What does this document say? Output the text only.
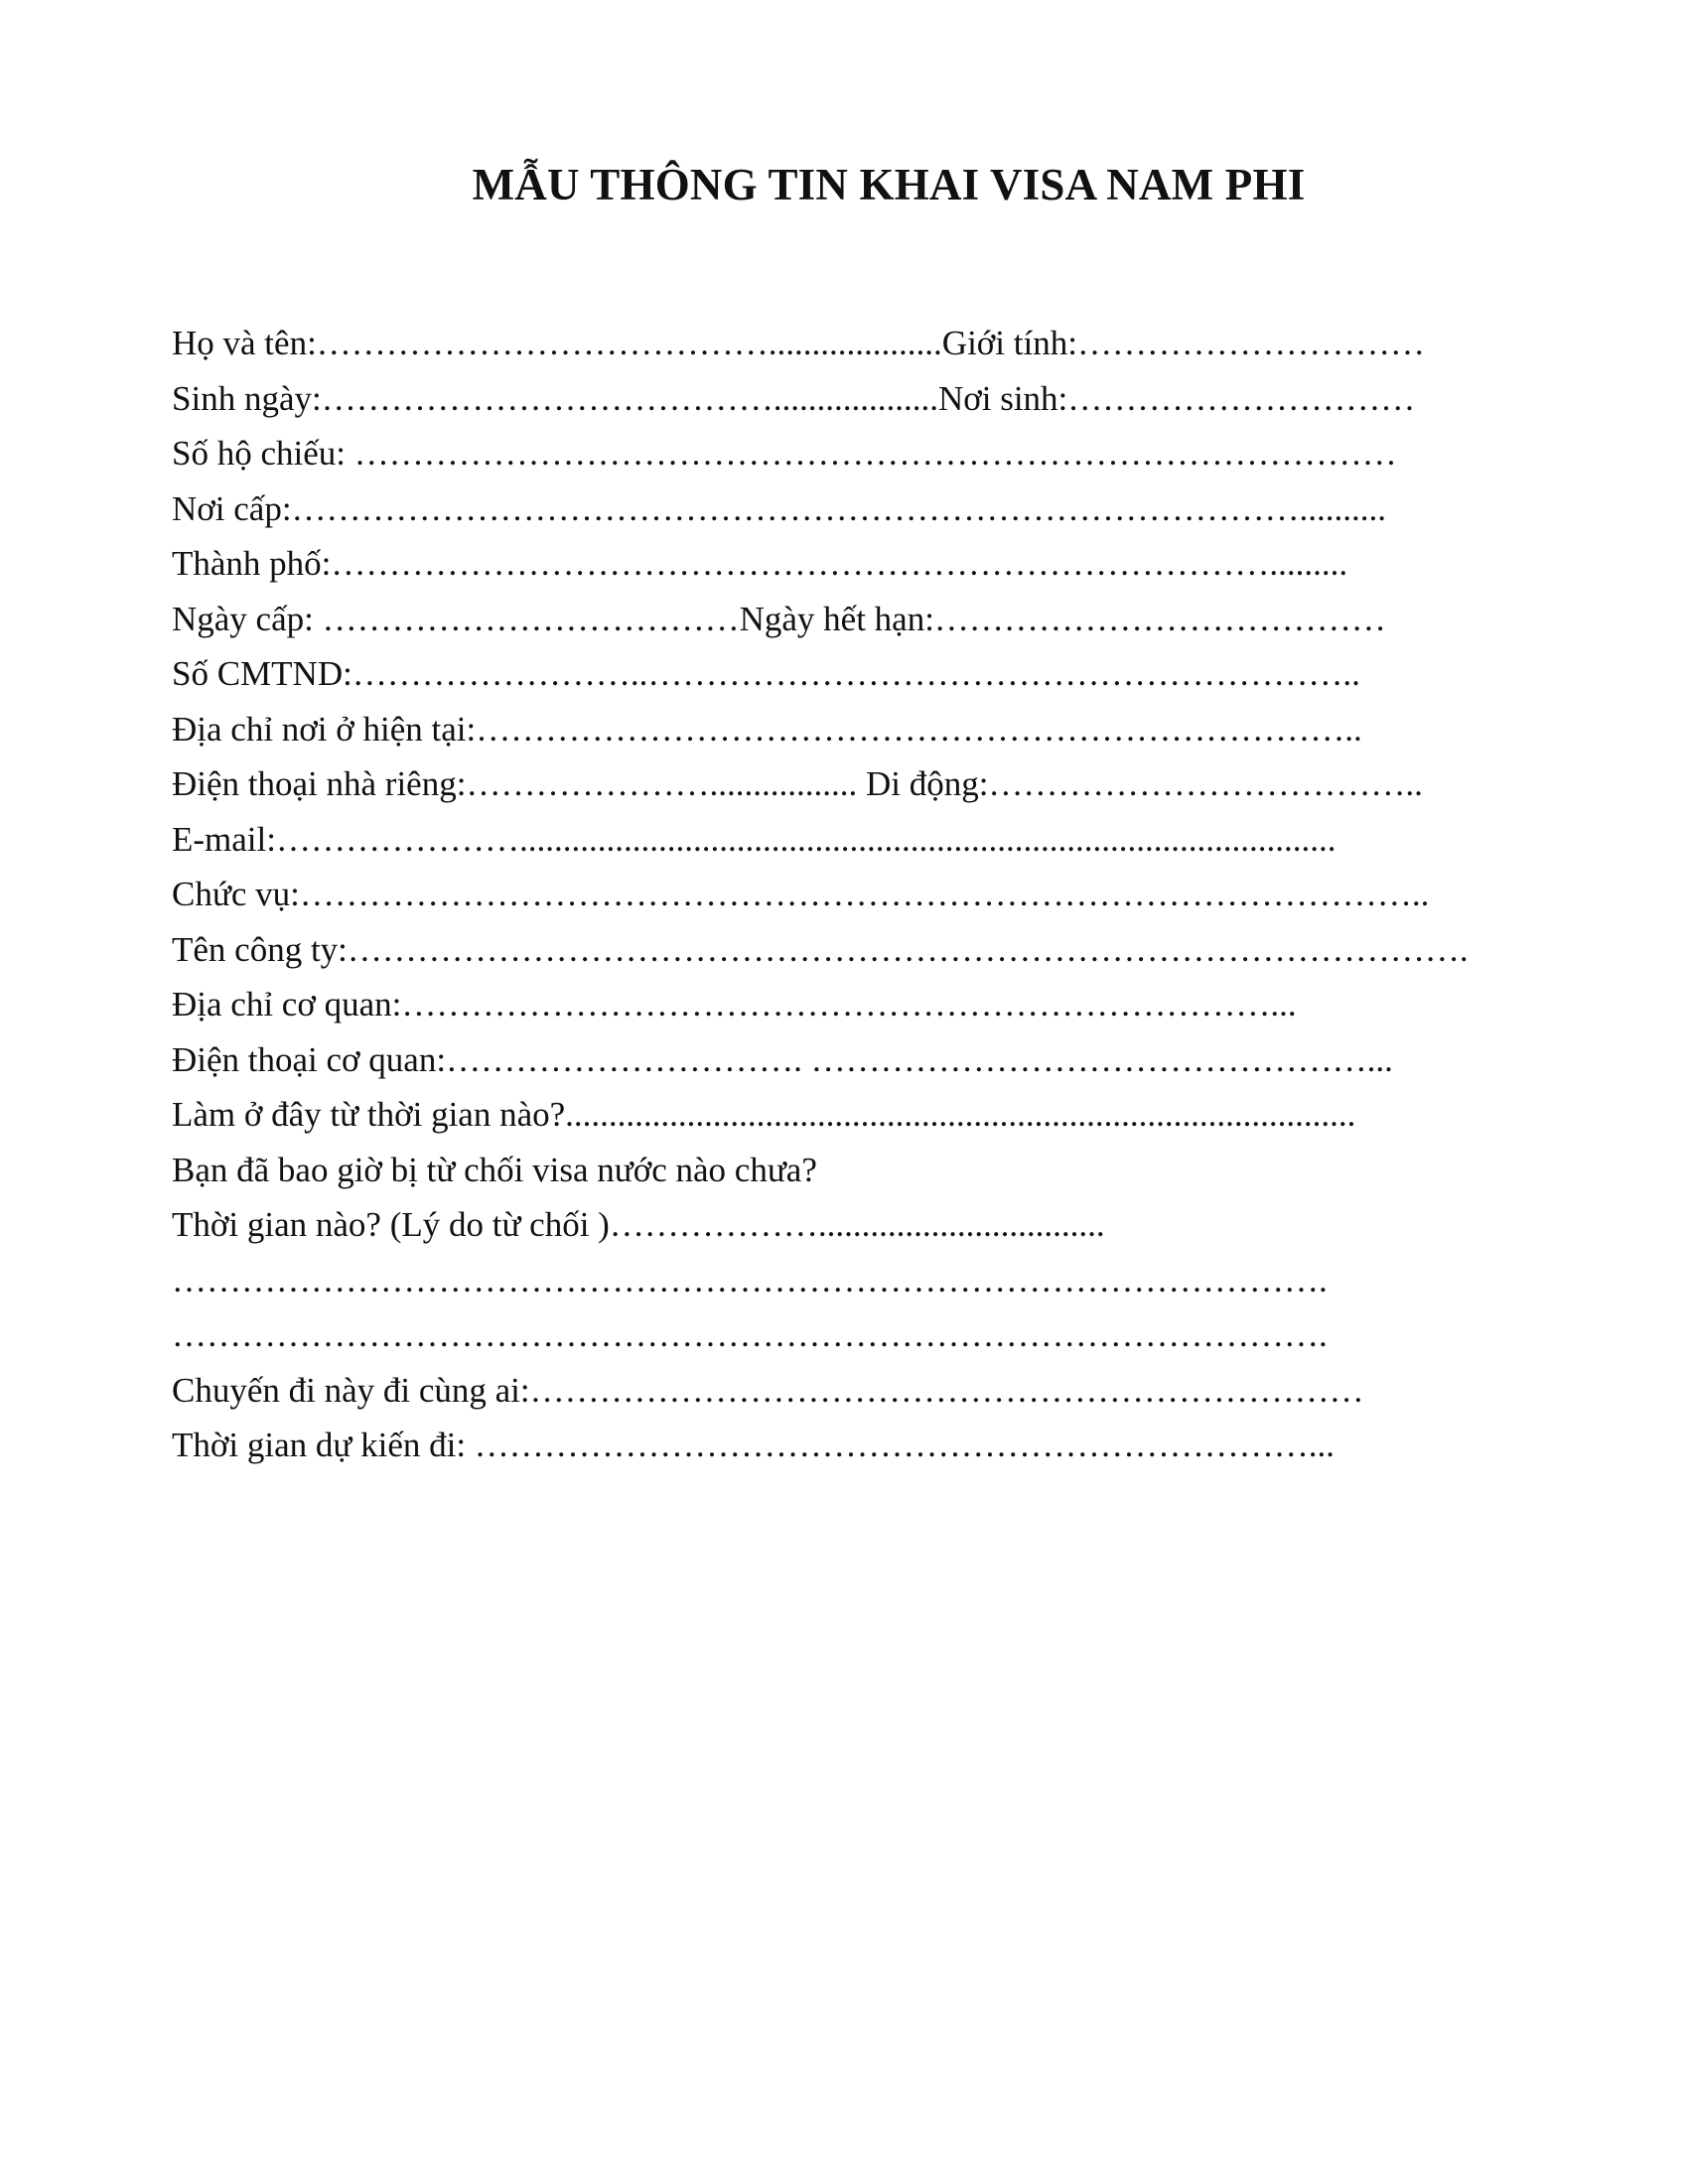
MẪU THÔNG TIN KHAI VISA NAM PHI
Họ và tên:…………………………………....................Giới tính:…………………………
Sinh ngày:…………………………………...................Nơi sinh:…………………………
Số hộ chiếu: ………………………………………………………………………………
Nơi cấp:……………………………………………………………………………..........
Thành phố:……………………………………………………………………….........
Ngày cấp: ………………………………Ngày hết hạn:…………………………………
Số CMTND:……………………..……………………………………………………..
Địa chỉ nơi ở hiện tại:…………………………………………………………………..
Điện thoại nhà riêng:…………………................. Di động:………………………………..
E-mail:…………………..............................................................................................
Chức vụ:……………………………………………………………………………………..
Tên công ty:…………………………………………………………………………………….
Địa chỉ cơ quan:…………………………………………………………………...
Điện thoại cơ quan:…………………………. …………………………………………...
Làm ở đây từ thời gian nào?...........................................................................................
Bạn đã bao giờ bị từ chối visa nước nào chưa?
Thời gian nào? (Lý do từ chối )……………….................................
……………………………………………………………………………………….
……………………………………………………………………………………….
Chuyến đi này đi cùng ai:………………………………………………………………
Thời gian dự kiến đi: ………………………………………………………………...
